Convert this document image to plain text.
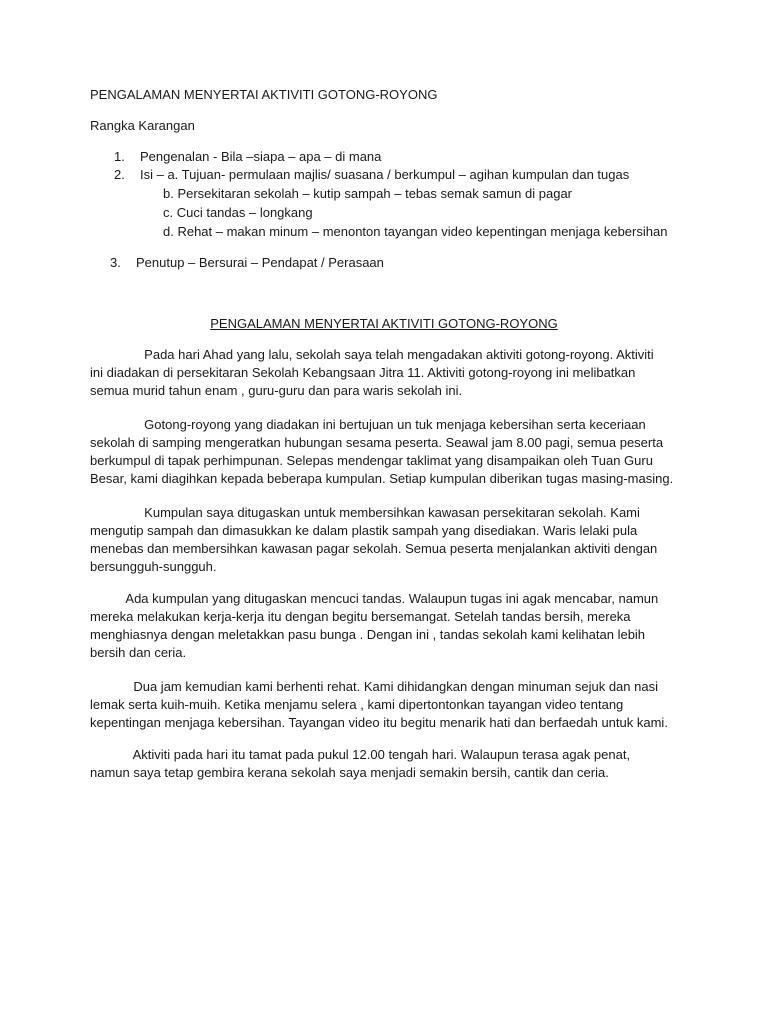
PENGALAMAN MENYERTAI AKTIVITI GOTONG-ROYONG
Rangka Karangan
1. Pengenalan - Bila –siapa – apa – di mana
2. Isi – a. Tujuan- permulaan majlis/ suasana / berkumpul – agihan kumpulan dan tugas
b. Persekitaran sekolah – kutip sampah – tebas semak samun di pagar
c. Cuci tandas – longkang
d. Rehat – makan minum – menonton tayangan video kepentingan menjaga kebersihan
3. Penutup – Bersurai – Pendapat / Perasaan
PENGALAMAN MENYERTAI AKTIVITI GOTONG-ROYONG
Pada hari Ahad yang lalu, sekolah saya telah mengadakan aktiviti gotong-royong. Aktiviti
ini diadakan di persekitaran Sekolah Kebangsaan Jitra 11. Aktiviti gotong-royong ini melibatkan
semua murid tahun enam , guru-guru dan para waris sekolah ini.
Gotong-royong yang diadakan ini bertujuan un tuk menjaga kebersihan serta keceriaan
sekolah di samping mengeratkan hubungan sesama peserta. Seawal jam 8.00 pagi, semua peserta
berkumpul di tapak perhimpunan. Selepas mendengar taklimat yang disampaikan oleh Tuan Guru
Besar, kami diagihkan kepada beberapa kumpulan. Setiap kumpulan diberikan tugas masing-masing.
Kumpulan saya ditugaskan untuk membersihkan kawasan persekitaran sekolah. Kami
mengutip sampah dan dimasukkan ke dalam plastik sampah yang disediakan. Waris lelaki pula
menebas dan membersihkan kawasan pagar sekolah. Semua peserta menjalankan aktiviti dengan
bersungguh-sungguh.
Ada kumpulan yang ditugaskan mencuci tandas. Walaupun tugas ini agak mencabar, namun
mereka melakukan kerja-kerja itu dengan begitu bersemangat. Setelah tandas bersih, mereka
menghiasnya dengan meletakkan pasu bunga . Dengan ini , tandas sekolah kami kelihatan lebih
bersih dan ceria.
Dua jam kemudian kami berhenti rehat. Kami dihidangkan dengan minuman sejuk dan nasi
lemak serta kuih-muih. Ketika menjamu selera , kami dipertontonkan tayangan video tentang
kepentingan menjaga kebersihan. Tayangan video itu begitu menarik hati dan berfaedah untuk kami.
Aktiviti pada hari itu tamat pada pukul 12.00 tengah hari. Walaupun terasa agak penat,
namun saya tetap gembira kerana sekolah saya menjadi semakin bersih, cantik dan ceria.
